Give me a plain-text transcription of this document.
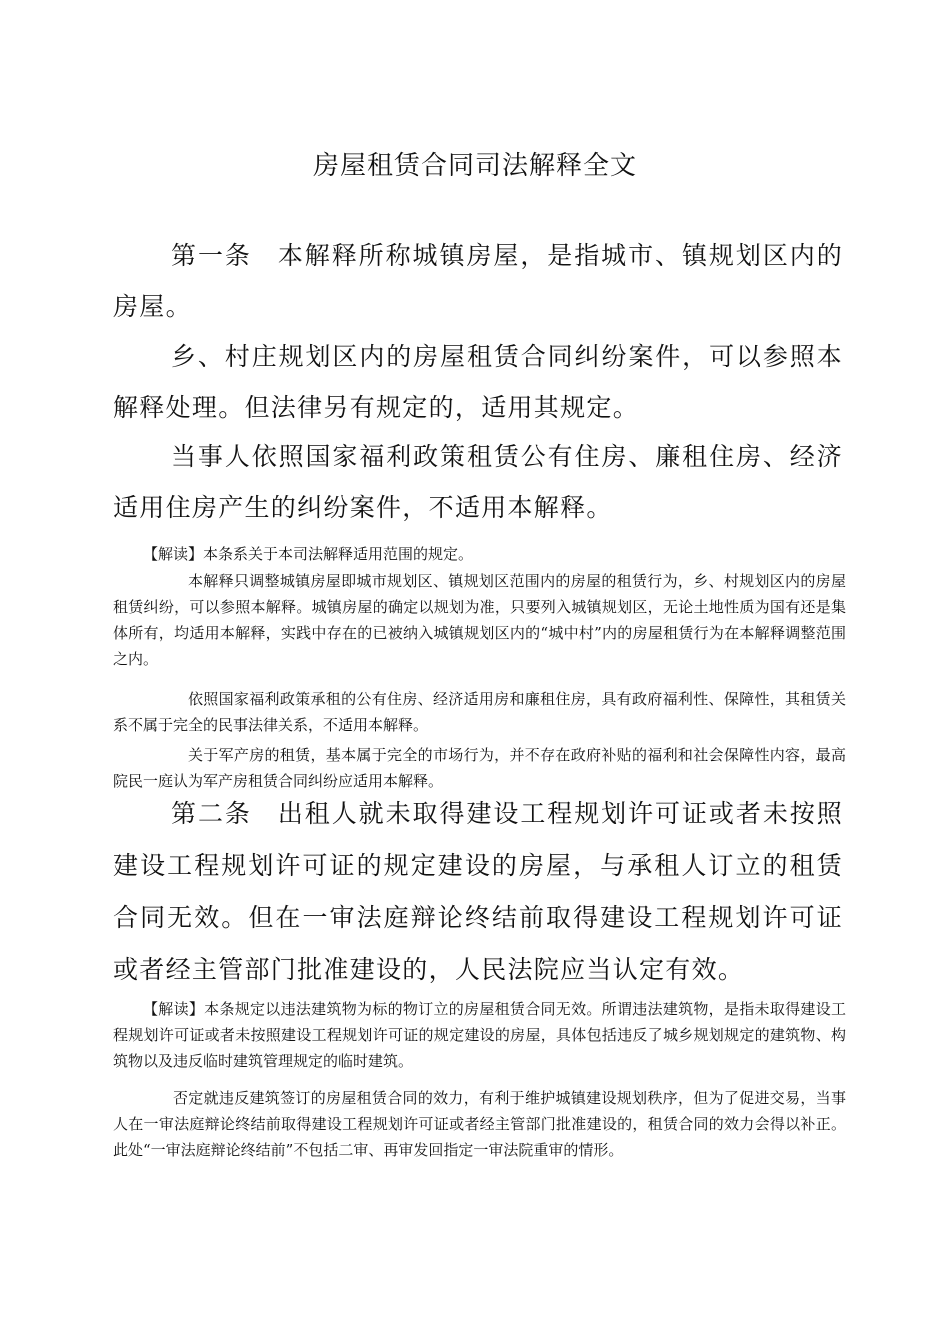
房屋租赁合同司法解释全文

第一条 本解释所称城镇房屋，是指城市、镇规划区内的房屋。

乡、村庄规划区内的房屋租赁合同纠纷案件，可以参照本解释处理。但法律另有规定的，适用其规定。

当事人依照国家福利政策租赁公有住房、廉租住房、经济适用住房产生的纠纷案件，不适用本解释。

【解读】本条系关于本司法解释适用范围的规定。

本解释只调整城镇房屋即城市规划区、镇规划区范围内的房屋的租赁行为，乡、村规划区内的房屋租赁纠纷，可以参照本解释。城镇房屋的确定以规划为准，只要列入城镇规划区，无论土地性质为国有还是集体所有，均适用本解释，实践中存在的已被纳入城镇规划区内的“城中村”内的房屋租赁行为在本解释调整范围之内。

依照国家福利政策承租的公有住房、经济适用房和廉租住房，具有政府福利性、保障性，其租赁关系不属于完全的民事法律关系，不适用本解释。

关于军产房的租赁，基本属于完全的市场行为，并不存在政府补贴的福利和社会保障性内容，最高院民一庭认为军产房租赁合同纠纷应适用本解释。

第二条 出租人就未取得建设工程规划许可证或者未按照建设工程规划许可证的规定建设的房屋，与承租人订立的租赁合同无效。但在一审法庭辩论终结前取得建设工程规划许可证或者经主管部门批准建设的，人民法院应当认定有效。

【解读】本条规定以违法建筑物为标的物订立的房屋租赁合同无效。所谓违法建筑物，是指未取得建设工程规划许可证或者未按照建设工程规划许可证的规定建设的房屋，具体包括违反了城乡规划规定的建筑物、构筑物以及违反临时建筑管理规定的临时建筑。

否定就违反建筑签订的房屋租赁合同的效力，有利于维护城镇建设规划秩序，但为了促进交易，当事人在一审法庭辩论终结前取得建设工程规划许可证或者经主管部门批准建设的，租赁合同的效力会得以补正。此处“一审法庭辩论终结前”不包括二审、再审发回指定一审法院重审的情形。
